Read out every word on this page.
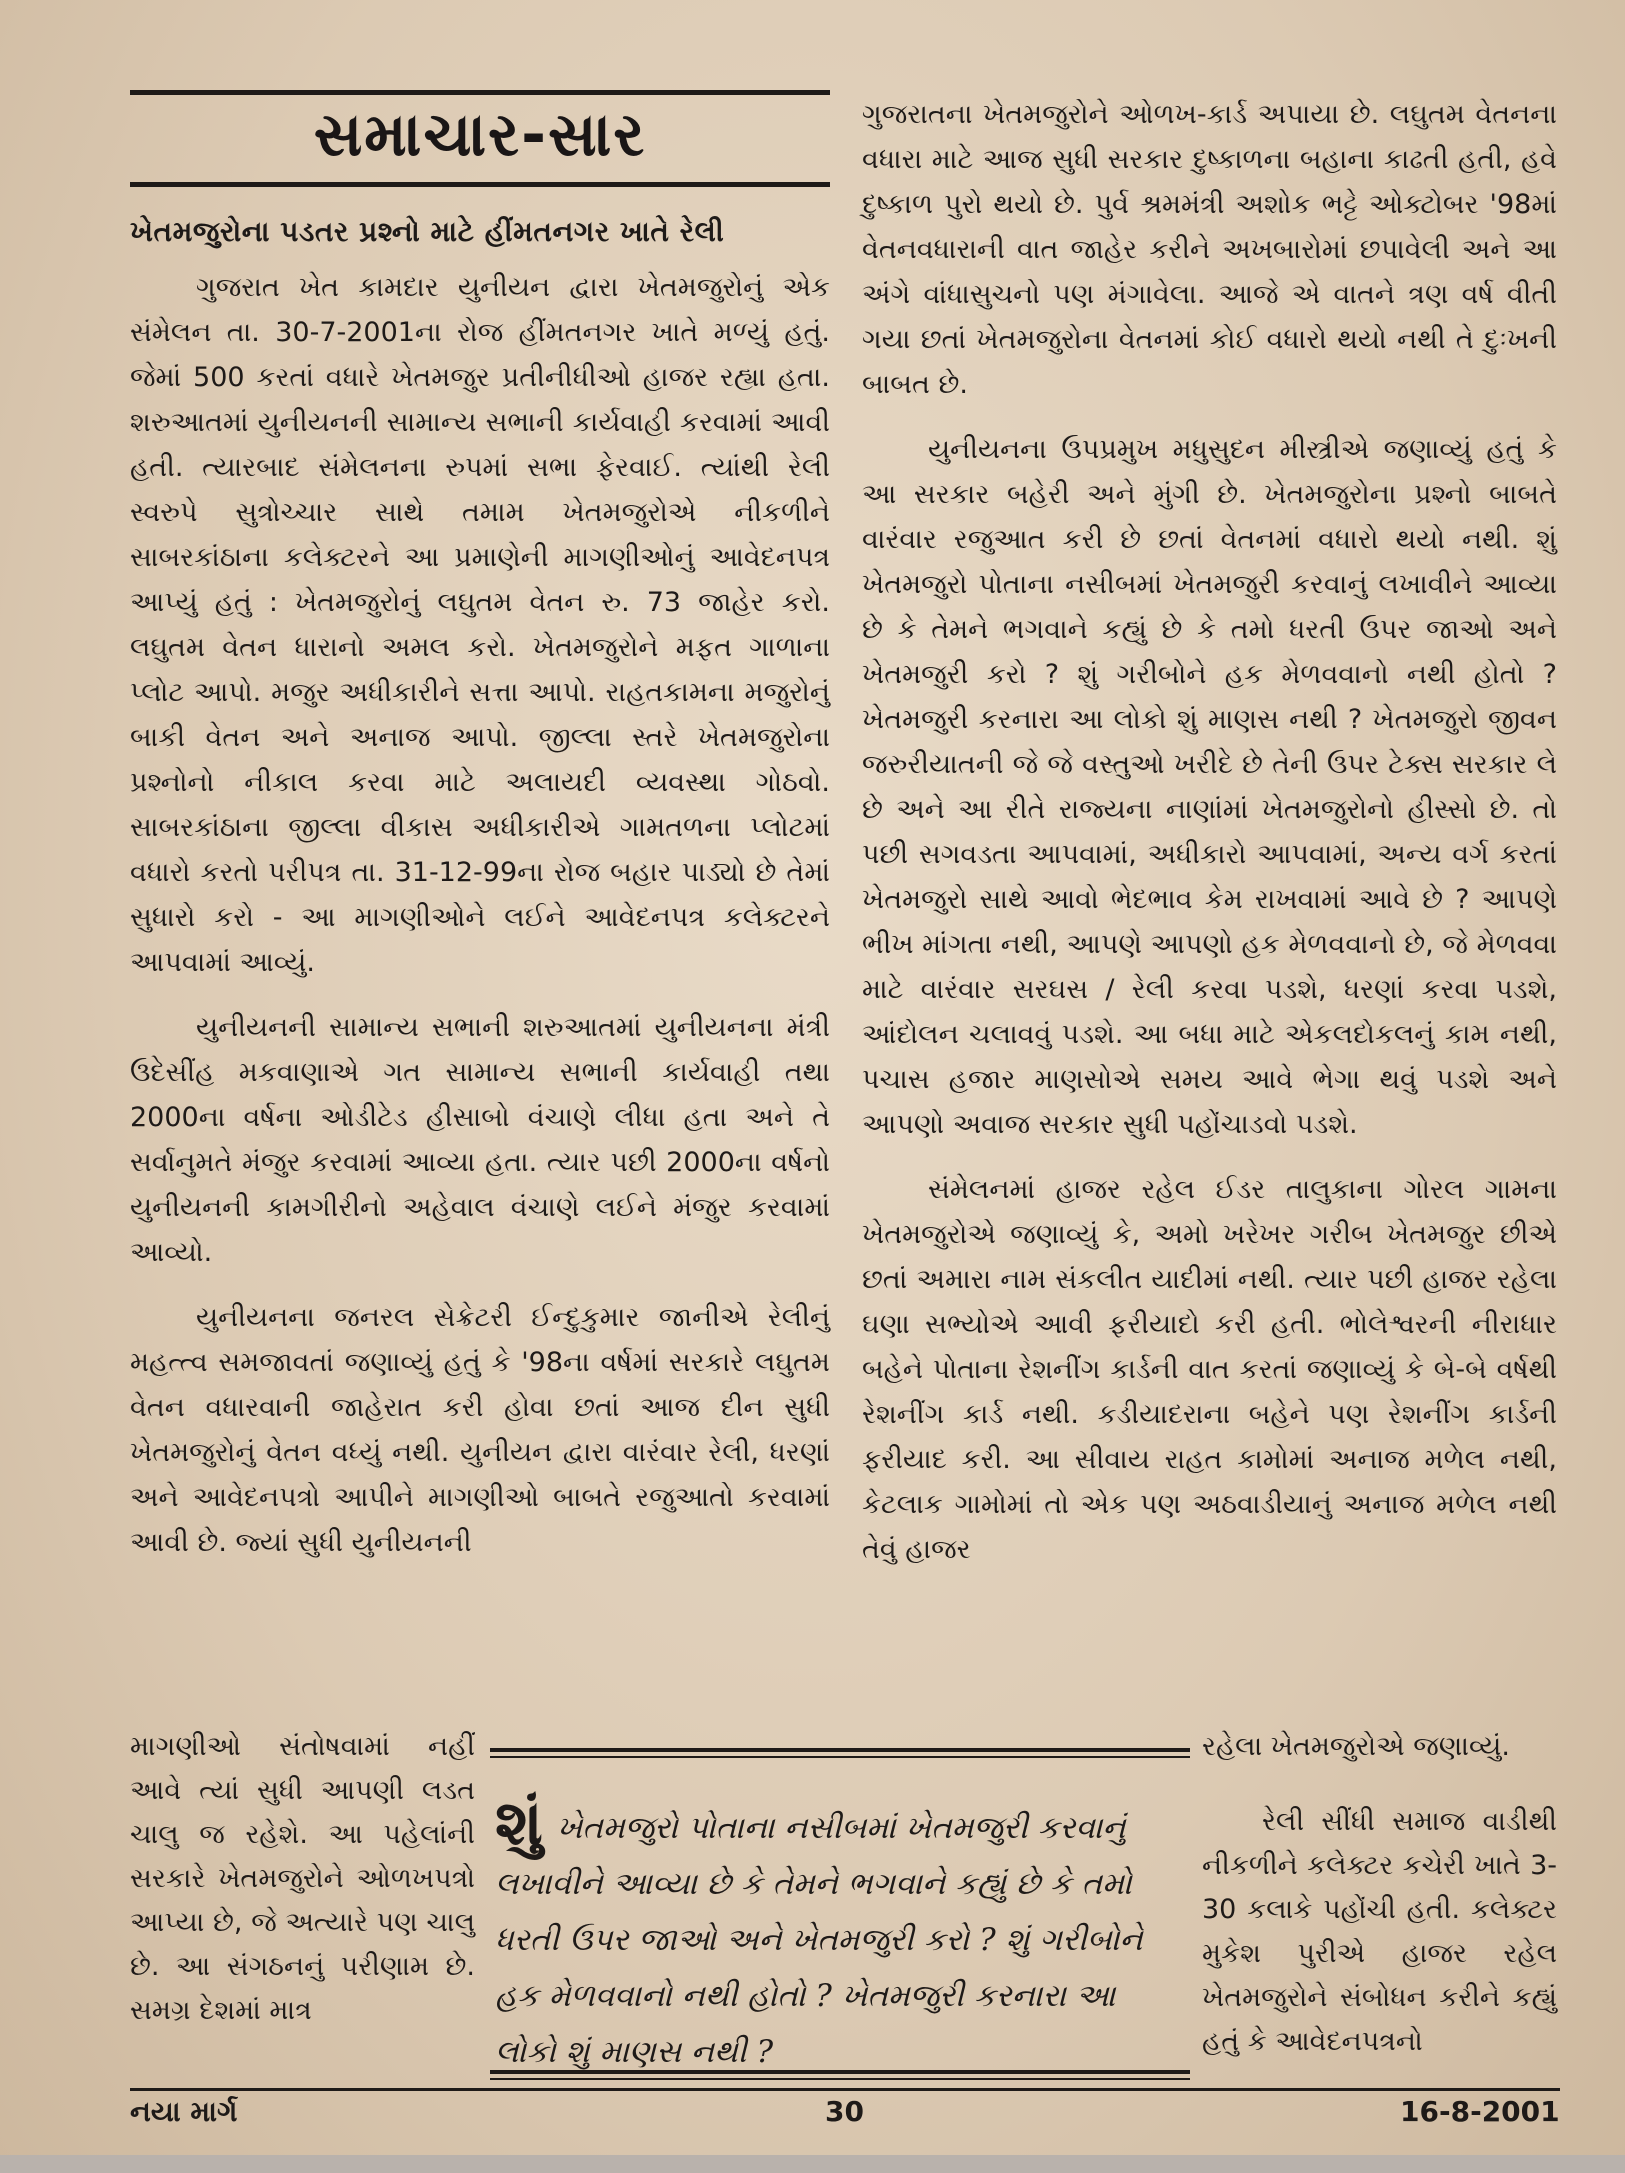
સમાચાર-સાર
ખેતમજુરોના પડતર પ્રશ્નો માટે હીંમતનગર ખાતે રેલી

ગુજરાત ખેત કામદાર યુનીયન દ્વારા ખેતમજુરોનું એક સંમેલન તા. 30-7-2001ના રોજ હીંમતનગર ખાતે મળ્યું હતું. જેમાં 500 કરતાં વધારે ખેતમજુર પ્રતીનીધીઓ હાજર રહ્યા હતા. શરુઆતમાં યુનીયનની સામાન્ય સભાની કાર્યવાહી કરવામાં આવી હતી. ત્યારબાદ સંમેલનના રુપમાં સભા ફેરવાઈ. ત્યાંથી રેલી સ્વરુપે સુત્રોચ્ચાર સાથે તમામ ખેતમજુરોએ નીકળીને સાબરકાંઠાના કલેક્ટરને આ પ્રમાણેની માગણીઓનું આવેદનપત્ર આપ્યું હતું : ખેતમજુરોનું લઘુતમ વેતન રુ. 73 જાહેર કરો. લઘુતમ વેતન ધારાનો અમલ કરો. ખેતમજુરોને મફત ગાળાના પ્લોટ આપો. મજુર અધીકારીને સત્તા આપો. રાહતકામના મજુરોનું બાકી વેતન અને અનાજ આપો. જીલ્લા સ્તરે ખેતમજુરોના પ્રશ્નોનો નીકાલ કરવા માટે અલાયદી વ્યવસ્થા ગોઠવો. સાબરકાંઠાના જીલ્લા વીકાસ અધીકારીએ ગામતળના પ્લોટમાં વધારો કરતો પરીપત્ર તા. 31-12-99ના રોજ બહાર પાડ્યો છે તેમાં સુધારો કરો - આ માગણીઓને લઈને આવેદનપત્ર કલેક્ટરને આપવામાં આવ્યું.

યુનીયનની સામાન્ય સભાની શરુઆતમાં યુનીયનના મંત્રી ઉદેસીંહ મકવાણાએ ગત સામાન્ય સભાની કાર્યવાહી તથા 2000ના વર્ષના ઓડીટેડ હીસાબો વંચાણે લીધા હતા અને તે સર્વાનુમતે મંજુર કરવામાં આવ્યા હતા. ત્યાર પછી 2000ના વર્ષનો યુનીયનની કામગીરીનો અહેવાલ વંચાણે લઈને મંજુર કરવામાં આવ્યો.

યુનીયનના જનરલ સેક્રેટરી ઈન્દુકુમાર જાનીએ રેલીનું મહત્ત્વ સમજાવતાં જણાવ્યું હતું કે '98ના વર્ષમાં સરકારે લઘુતમ વેતન વધારવાની જાહેરાત કરી હોવા છતાં આજ દીન સુધી ખેતમજુરોનું વેતન વધ્યું નથી. યુનીયન દ્વારા વારંવાર રેલી, ધરણાં અને આવેદનપત્રો આપીને માગણીઓ બાબતે રજુઆતો કરવામાં આવી છે. જ્યાં સુધી યુનીયનની

ગુજરાતના ખેતમજુરોને ઓળખ-કાર્ડ અપાયા છે. લઘુતમ વેતનના વધારા માટે આજ સુધી સરકાર દુષ્કાળના બહાના કાઢતી હતી, હવે દુષ્કાળ પુરો થયો છે. પુર્વ શ્રમમંત્રી અશોક ભટ્ટે ઓક્ટોબર '98માં વેતનવધારાની વાત જાહેર કરીને અખબારોમાં છપાવેલી અને આ અંગે વાંધાસુચનો પણ મંગાવેલા. આજે એ વાતને ત્રણ વર્ષ વીતી ગયા છતાં ખેતમજુરોના વેતનમાં કોઈ વધારો થયો નથી તે દુઃખની બાબત છે.

યુનીયનના ઉપપ્રમુખ મધુસુદન મીસ્ત્રીએ જણાવ્યું હતું કે આ સરકાર બહેરી અને મુંગી છે. ખેતમજુરોના પ્રશ્નો બાબતે વારંવાર રજુઆત કરી છે છતાં વેતનમાં વધારો થયો નથી. શું ખેતમજુરો પોતાના નસીબમાં ખેતમજુરી કરવાનું લખાવીને આવ્યા છે કે તેમને ભગવાને કહ્યું છે કે તમો ધરતી ઉપર જાઓ અને ખેતમજુરી કરો ? શું ગરીબોને હક મેળવવાનો નથી હોતો ? ખેતમજુરી કરનારા આ લોકો શું માણસ નથી ? ખેતમજુરો જીવન જરુરીયાતની જે જે વસ્તુઓ ખરીદે છે તેની ઉપર ટેક્સ સરકાર લે છે અને આ રીતે રાજ્યના નાણાંમાં ખેતમજુરોનો હીસ્સો છે. તો પછી સગવડતા આપવામાં, અધીકારો આપવામાં, અન્ય વર્ગ કરતાં ખેતમજુરો સાથે આવો ભેદભાવ કેમ રાખવામાં આવે છે ? આપણે ભીખ માંગતા નથી, આપણે આપણો હક મેળવવાનો છે, જે મેળવવા માટે વારંવાર સરઘસ / રેલી કરવા પડશે, ધરણાં કરવા પડશે, આંદોલન ચલાવવું પડશે. આ બધા માટે એકલદોકલનું કામ નથી, પચાસ હજાર માણસોએ સમય આવે ભેગા થવું પડશે અને આપણો અવાજ સરકાર સુધી પહોંચાડવો પડશે.

સંમેલનમાં હાજર રહેલ ઈડર તાલુકાના ગોરલ ગામના ખેતમજુરોએ જણાવ્યું કે, અમો ખરેખર ગરીબ ખેતમજુર છીએ છતાં અમારા નામ સંકલીત યાદીમાં નથી. ત્યાર પછી હાજર રહેલા ઘણા સભ્યોએ આવી ફરીયાદો કરી હતી. ભોલેશ્વરની નીરાધાર બહેને પોતાના રેશનીંગ કાર્ડની વાત કરતાં જણાવ્યું કે બે-બે વર્ષથી રેશનીંગ કાર્ડ નથી. કડીયાદરાના બહેને પણ રેશનીંગ કાર્ડની ફરીયાદ કરી. આ સીવાય રાહત કામોમાં અનાજ મળેલ નથી, કેટલાક ગામોમાં તો એક પણ અઠવાડીયાનું અનાજ મળેલ નથી તેવું હાજર

માગણીઓ સંતોષવામાં નહીં આવે ત્યાં સુધી આપણી લડત ચાલુ જ રહેશે. આ પહેલાંની સરકારે ખેતમજુરોને ઓળખપત્રો આપ્યા છે, જે અત્યારે પણ ચાલુ છે. આ સંગઠનનું પરીણામ છે. સમગ્ર દેશમાં માત્ર
શુંખેતમજુરો પોતાના નસીબમાં ખેતમજુરી કરવાનું લખાવીને આવ્યા છે કે તેમને ભગવાને કહ્યું છે કે તમો ધરતી ઉપર જાઓ અને ખેતમજુરી કરો ? શું ગરીબોને હક મેળવવાનો નથી હોતો ? ખેતમજુરી કરનારા આ લોકો શું માણસ નથી ?
રહેલા ખેતમજુરોએ જણાવ્યું.
રેલી સીંધી સમાજ વાડીથી નીકળીને કલેક્ટર કચેરી ખાતે 3-30 કલાકે પહોંચી હતી. કલેક્ટર મુકેશ પુરીએ હાજર રહેલ ખેતમજુરોને સંબોધન કરીને કહ્યું હતું કે આવેદનપત્રનો
નયા માર્ગ	30	16-8-2001
